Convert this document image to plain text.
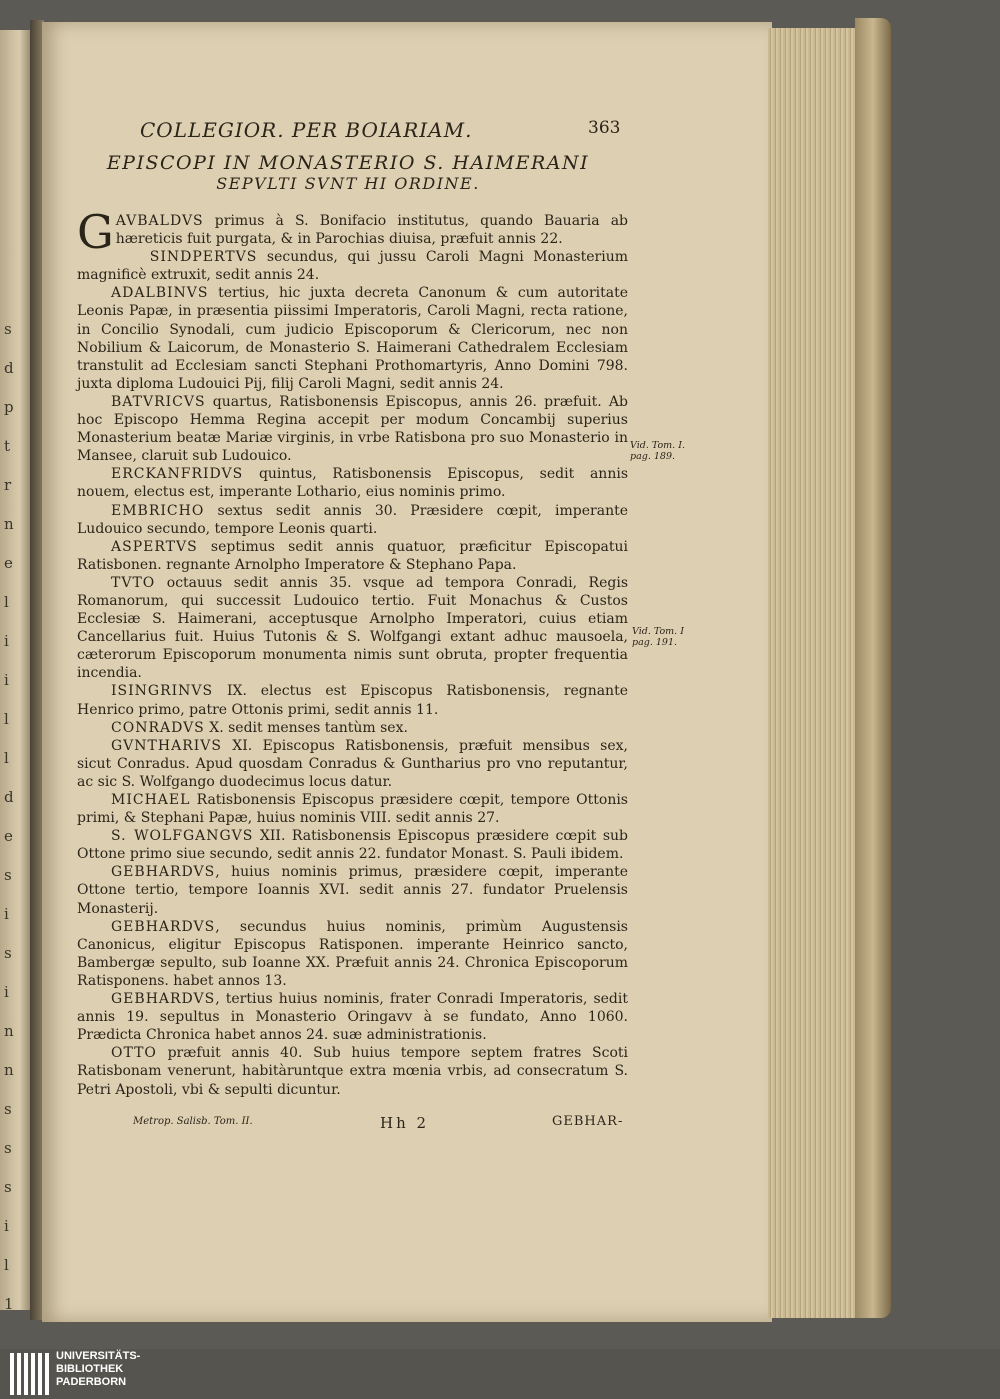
s
d
p
t
r
n
e
l
i
i
l
l
d
e
s
i
s
i
n
n
s
s
s
i
l
1
COLLEGIOR. PER BOIARIAM.	363
EPISCOPI IN MONASTERIO S. HAIMERANI
SEPVLTI SVNT HI ORDINE.

GAVBALDVS primus à S. Bonifacio institutus, quando Bauaria ab hæreticis fuit purgata, & in Parochias diuisa, præfuit annis 22.

SINDPERTVS secundus, qui jussu Caroli Magni Monasterium magnificè extruxit, sedit annis 24.

ADALBINVS tertius, hic juxta decreta Canonum & cum autoritate Leonis Papæ, in præsentia piissimi Imperatoris, Caroli Magni, recta ratione, in Concilio Synodali, cum judicio Episcoporum & Clericorum, nec non Nobilium & Laicorum, de Monasterio S. Haimerani Cathedralem Ecclesiam transtulit ad Ecclesiam sancti Stephani Prothomartyris, Anno Domini 798. juxta diploma Ludouici Pij, filij Caroli Magni, sedit annis 24.

BATVRICVS quartus, Ratisbonensis Episcopus, annis 26. præfuit. Ab hoc Episcopo Hemma Regina accepit per modum Concambij superius Monasterium beatæ Mariæ virginis, in vrbe Ratisbona pro suo Monasterio in Mansee, claruit sub Ludouico.

ERCKANFRIDVS quintus, Ratisbonensis Episcopus, sedit annis nouem, electus est, imperante Lothario, eius nominis primo.

EMBRICHO sextus sedit annis 30. Præsidere cœpit, imperante Ludouico secundo, tempore Leonis quarti.

ASPERTVS septimus sedit annis quatuor, præficitur Episcopatui Ratisbonen. regnante Arnolpho Imperatore & Stephano Papa.

TVTO octauus sedit annis 35. vsque ad tempora Conradi, Regis Romanorum, qui successit Ludouico tertio. Fuit Monachus & Custos Ecclesiæ S. Haimerani, acceptusque Arnolpho Imperatori, cuius etiam Cancellarius fuit. Huius Tutonis & S. Wolfgangi extant adhuc mausoela, cæterorum Episcoporum monumenta nimis sunt obruta, propter frequentia incendia.

ISINGRINVS IX. electus est Episcopus Ratisbonensis, regnante Henrico primo, patre Ottonis primi, sedit annis 11.

CONRADVS X. sedit menses tantùm sex.

GVNTHARIVS XI. Episcopus Ratisbonensis, præfuit mensibus sex, sicut Conradus. Apud quosdam Conradus & Guntharius pro vno reputantur, ac sic S. Wolfgango duodecimus locus datur.

MICHAEL Ratisbonensis Episcopus præsidere cœpit, tempore Ottonis primi, & Stephani Papæ, huius nominis VIII. sedit annis 27.

S. WOLFGANGVS XII. Ratisbonensis Episcopus præsidere cœpit sub Ottone primo siue secundo, sedit annis 22. fundator Monast. S. Pauli ibidem.

GEBHARDVS, huius nominis primus, præsidere cœpit, imperante Ottone tertio, tempore Ioannis XVI. sedit annis 27. fundator Pruelensis Monasterij.

GEBHARDVS, secundus huius nominis, primùm Augustensis Canonicus, eligitur Episcopus Ratisponen. imperante Heinrico sancto, Bambergæ sepulto, sub Ioanne XX. Præfuit annis 24. Chronica Episcoporum Ratisponens. habet annos 13.

GEBHARDVS, tertius huius nominis, frater Conradi Imperatoris, sedit annis 19. sepultus in Monasterio Oringavv à se fundato, Anno 1060. Prædicta Chronica habet annos 24. suæ administrationis.

OTTO præfuit annis 40. Sub huius tempore septem fratres Scoti Ratisbonam venerunt, habitàruntque extra mœnia vrbis, ad consecratum S. Petri Apostoli, vbi & sepulti dicuntur.

Vid. Tom. I.
pag. 189.
Vid. Tom. I
pag. 191.
Metrop. Salisb. Tom. II.	Hh 2	GEBHAR-
UNIVERSITÄTS-
BIBLIOTHEK
PADERBORN
